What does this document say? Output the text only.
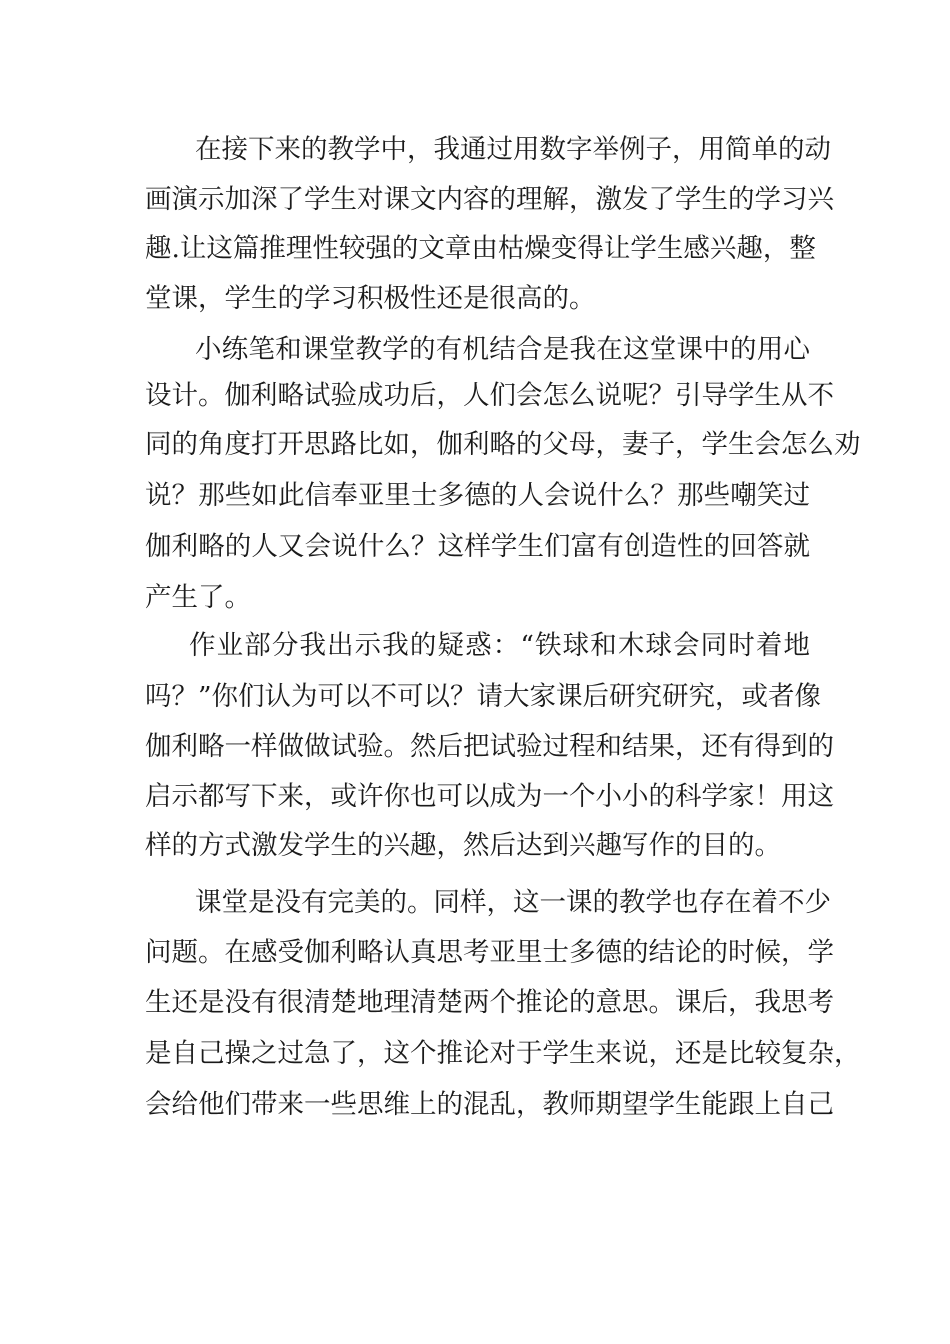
在接下来的教学中，我通过用数字举例子，用简单的动
画演示加深了学生对课文内容的理解，激发了学生的学习兴
趣.让这篇推理性较强的文章由枯燥变得让学生感兴趣，整
堂课，学生的学习积极性还是很高的。
小练笔和课堂教学的有机结合是我在这堂课中的用心
设计。伽利略试验成功后，人们会怎么说呢？引导学生从不
同的角度打开思路比如，伽利略的父母，妻子，学生会怎么劝
说？那些如此信奉亚里士多德的人会说什么？那些嘲笑过
伽利略的人又会说什么？这样学生们富有创造性的回答就
产生了。
作业部分我出示我的疑惑：“铁球和木球会同时着地
吗？”你们认为可以不可以？请大家课后研究研究，或者像
伽利略一样做做试验。然后把试验过程和结果，还有得到的
启示都写下来，或许你也可以成为一个小小的科学家！用这
样的方式激发学生的兴趣，然后达到兴趣写作的目的。
课堂是没有完美的。同样，这一课的教学也存在着不少
问题。在感受伽利略认真思考亚里士多德的结论的时候，学
生还是没有很清楚地理清楚两个推论的意思。课后，我思考
是自己操之过急了，这个推论对于学生来说，还是比较复杂，
会给他们带来一些思维上的混乱，教师期望学生能跟上自己
